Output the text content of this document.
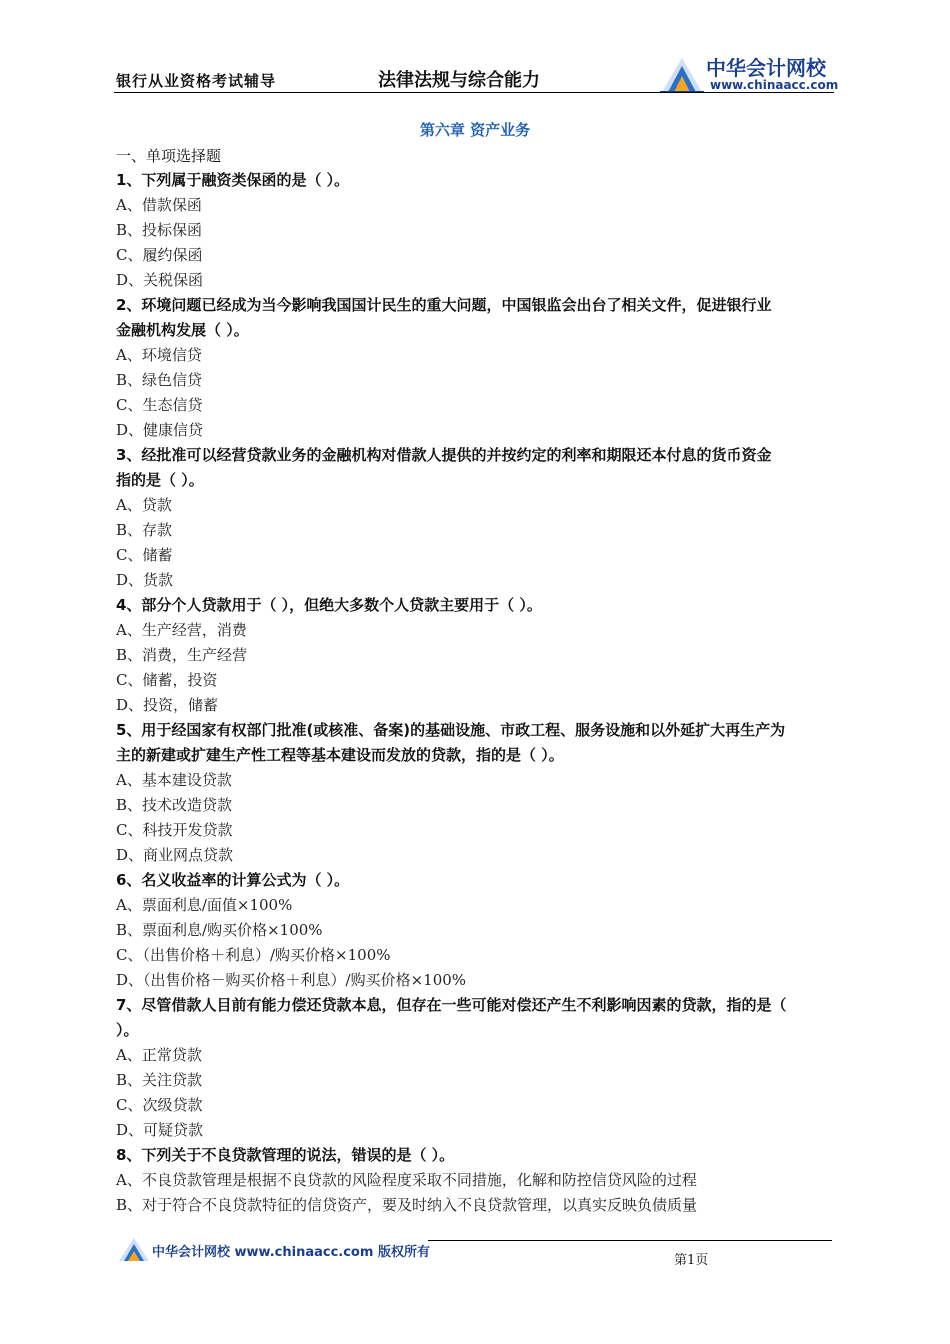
银行从业资格考试辅导	法律法规与综合能力
中华会计网校
www.chinaacc.com
第六章 资产业务
一、单项选择题
1、下列属于融资类保函的是（ ）。
A、借款保函
B、投标保函
C、履约保函
D、关税保函
2、环境问题已经成为当今影响我国国计民生的重大问题，中国银监会出台了相关文件，促进银行业
金融机构发展（ ）。
A、环境信贷
B、绿色信贷
C、生态信贷
D、健康信贷
3、经批准可以经营贷款业务的金融机构对借款人提供的并按约定的利率和期限还本付息的货币资金
指的是（ ）。
A、贷款
B、存款
C、储蓄
D、货款
4、部分个人贷款用于（ ），但绝大多数个人贷款主要用于（ ）。
A、生产经营，消费
B、消费，生产经营
C、储蓄，投资
D、投资，储蓄
5、用于经国家有权部门批准(或核准、备案)的基础设施、市政工程、服务设施和以外延扩大再生产为
主的新建或扩建生产性工程等基本建设而发放的贷款，指的是（ ）。
A、基本建设贷款
B、技术改造贷款
C、科技开发贷款
D、商业网点贷款
6、名义收益率的计算公式为（ ）。
A、票面利息/面值×100%
B、票面利息/购买价格×100%
C、（出售价格＋利息）/购买价格×100%
D、（出售价格－购买价格＋利息）/购买价格×100%
7、尽管借款人目前有能力偿还贷款本息，但存在一些可能对偿还产生不利影响因素的贷款，指的是（
）。
A、正常贷款
B、关注贷款
C、次级贷款
D、可疑贷款
8、下列关于不良贷款管理的说法，错误的是（ ）。
A、不良贷款管理是根据不良贷款的风险程度采取不同措施，化解和防控信贷风险的过程
B、对于符合不良贷款特征的信贷资产，要及时纳入不良贷款管理，以真实反映负债质量
中华会计网校 www.chinaacc.com 版权所有
第1页
